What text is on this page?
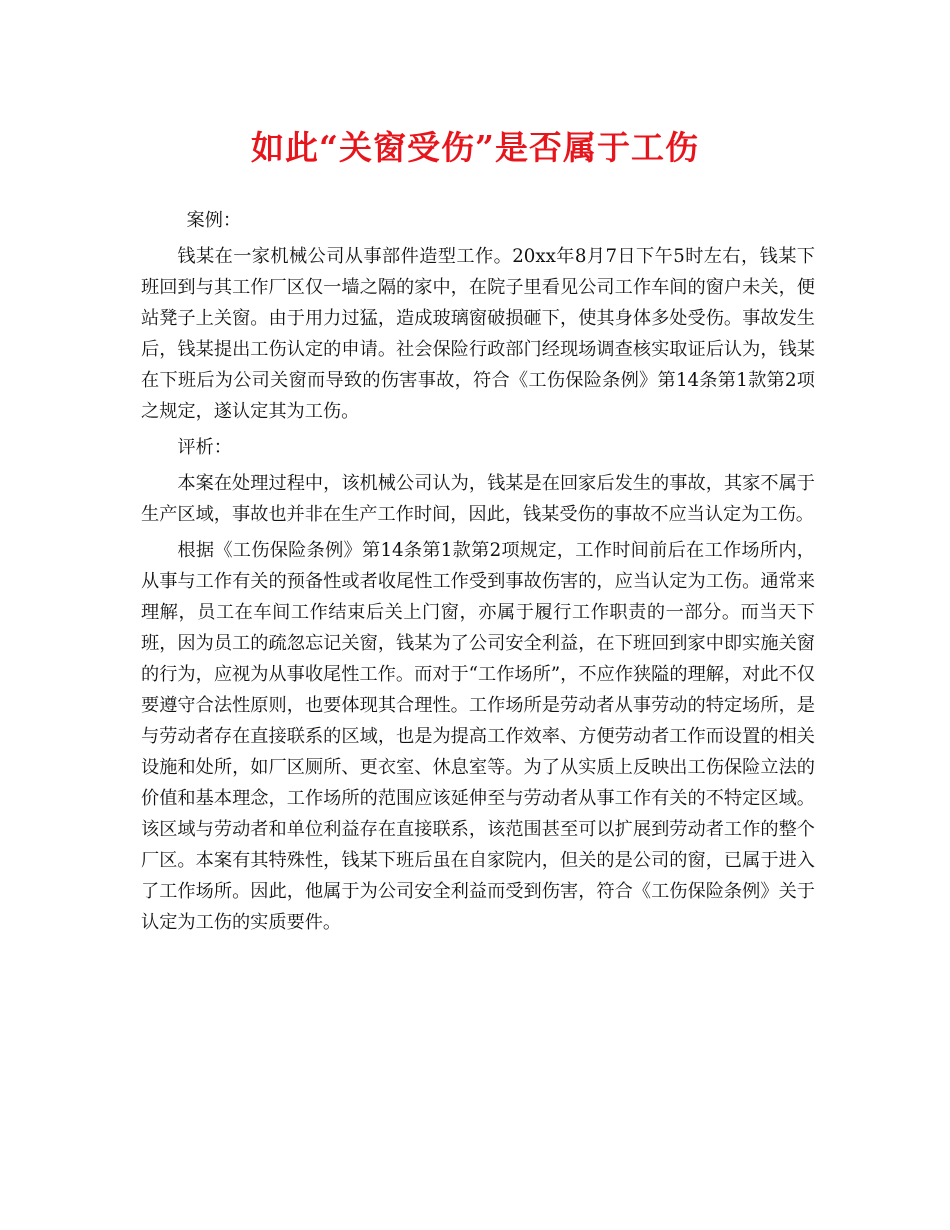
如此“关窗受伤”是否属于工伤

案例：

钱某在一家机械公司从事部件造型工作。20xx年8月7日下午5时左右，钱某下班回到与其工作厂区仅一墙之隔的家中，在院子里看见公司工作车间的窗户未关，便站凳子上关窗。由于用力过猛，造成玻璃窗破损砸下，使其身体多处受伤。事故发生后，钱某提出工伤认定的申请。社会保险行政部门经现场调查核实取证后认为，钱某在下班后为公司关窗而导致的伤害事故，符合《工伤保险条例》第14条第1款第2项之规定，遂认定其为工伤。

评析：

本案在处理过程中，该机械公司认为，钱某是在回家后发生的事故，其家不属于生产区域，事故也并非在生产工作时间，因此，钱某受伤的事故不应当认定为工伤。

根据《工伤保险条例》第14条第1款第2项规定，工作时间前后在工作场所内，从事与工作有关的预备性或者收尾性工作受到事故伤害的，应当认定为工伤。通常来理解，员工在车间工作结束后关上门窗，亦属于履行工作职责的一部分。而当天下班，因为员工的疏忽忘记关窗，钱某为了公司安全利益，在下班回到家中即实施关窗的行为，应视为从事收尾性工作。而对于“工作场所”，不应作狭隘的理解，对此不仅要遵守合法性原则，也要体现其合理性。工作场所是劳动者从事劳动的特定场所，是与劳动者存在直接联系的区域，也是为提高工作效率、方便劳动者工作而设置的相关设施和处所，如厂区厕所、更衣室、休息室等。为了从实质上反映出工伤保险立法的价值和基本理念，工作场所的范围应该延伸至与劳动者从事工作有关的不特定区域。该区域与劳动者和单位利益存在直接联系，该范围甚至可以扩展到劳动者工作的整个厂区。本案有其特殊性，钱某下班后虽在自家院内，但关的是公司的窗，已属于进入了工作场所。因此，他属于为公司安全利益而受到伤害，符合《工伤保险条例》关于认定为工伤的实质要件。
